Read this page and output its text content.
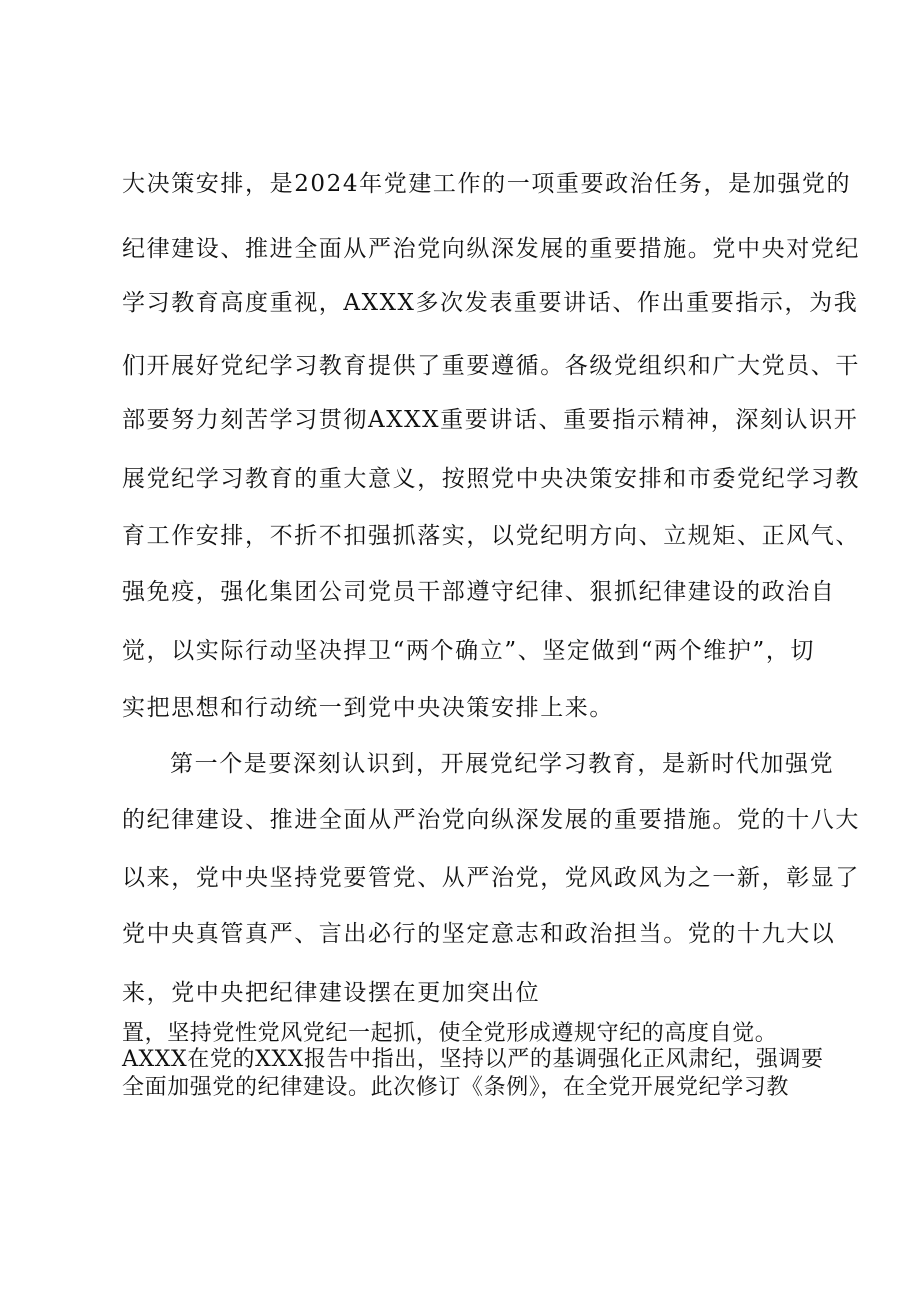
大决策安排，是2024年党建工作的一项重要政治任务，是加强党的
纪律建设、推进全面从严治党向纵深发展的重要措施。党中央对党纪
学习教育高度重视，AXXX多次发表重要讲话、作出重要指示，为我
们开展好党纪学习教育提供了重要遵循。各级党组织和广大党员、干
部要努力刻苦学习贯彻AXXX重要讲话、重要指示精神，深刻认识开
展党纪学习教育的重大意义，按照党中央决策安排和市委党纪学习教
育工作安排，不折不扣强抓落实，以党纪明方向、立规矩、正风气、
强免疫，强化集团公司党员干部遵守纪律、狠抓纪律建设的政治自
觉，以实际行动坚决捍卫“两个确立”、坚定做到“两个维护”，切
实把思想和行动统一到党中央决策安排上来。
第一个是要深刻认识到，开展党纪学习教育，是新时代加强党
的纪律建设、推进全面从严治党向纵深发展的重要措施。党的十八大
以来，党中央坚持党要管党、从严治党，党风政风为之一新，彰显了
党中央真管真严、言出必行的坚定意志和政治担当。党的十九大以
来，党中央把纪律建设摆在更加突出位
置，坚持党性党风党纪一起抓，使全党形成遵规守纪的高度自觉。
AXXX在党的XXX报告中指出，坚持以严的基调强化正风肃纪，强调要
全面加强党的纪律建设。此次修订《条例》，在全党开展党纪学习教
